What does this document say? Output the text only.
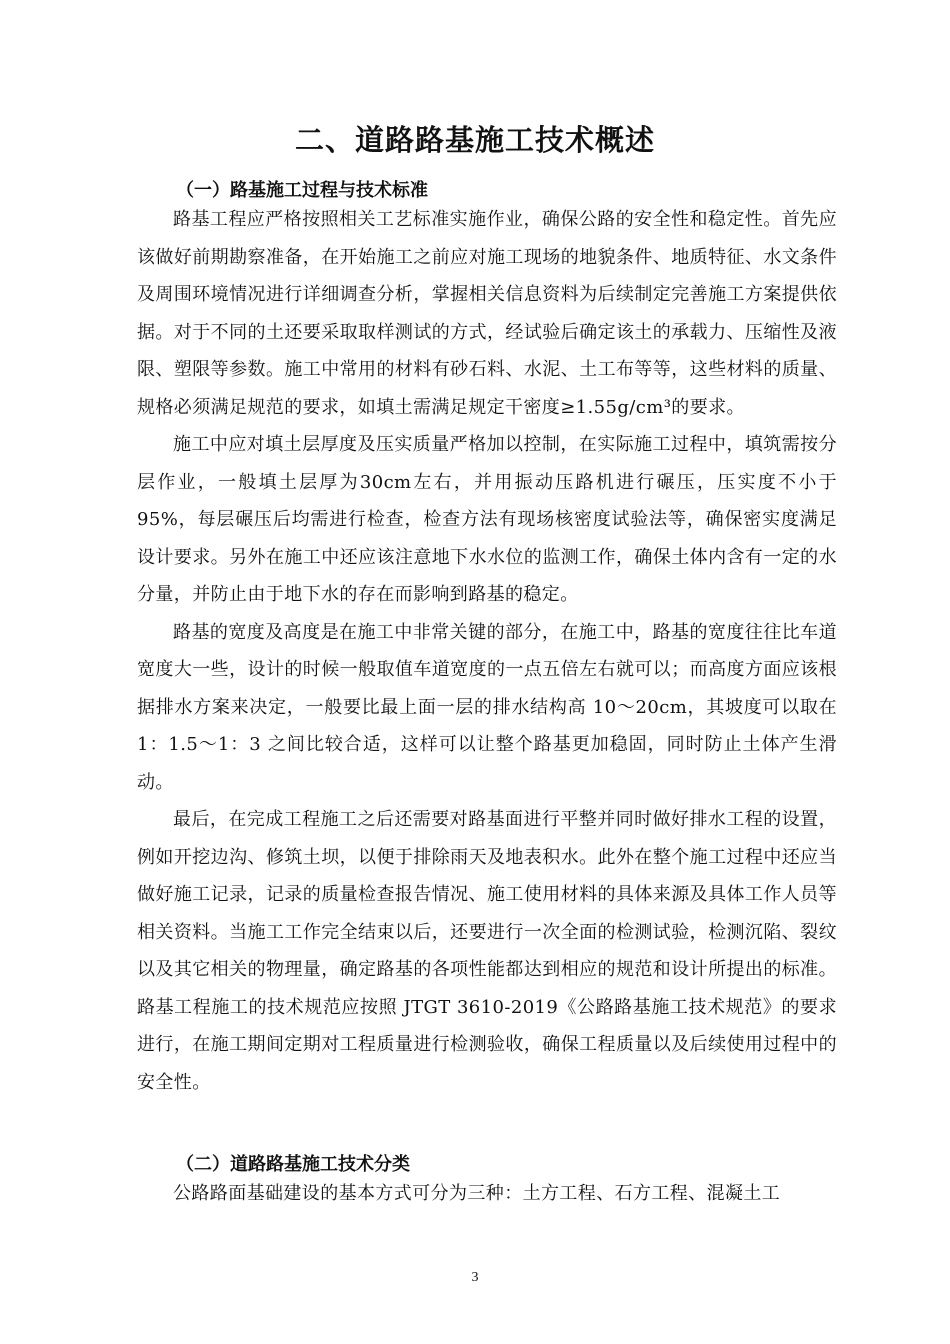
二、道路路基施工技术概述
（一）路基施工过程与技术标准

路基工程应严格按照相关工艺标准实施作业，确保公路的安全性和稳定性。首先应该做好前期勘察准备，在开始施工之前应对施工现场的地貌条件、地质特征、水文条件及周围环境情况进行详细调查分析，掌握相关信息资料为后续制定完善施工方案提供依据。对于不同的土还要采取取样测试的方式，经试验后确定该土的承载力、压缩性及液限、塑限等参数。施工中常用的材料有砂石料、水泥、土工布等等，这些材料的质量、规格必须满足规范的要求，如填土需满足规定干密度≥1.55g/cm³的要求。

施工中应对填土层厚度及压实质量严格加以控制，在实际施工过程中，填筑需按分层作业，一般填土层厚为30cm左右，并用振动压路机进行碾压，压实度不小于95%，每层碾压后均需进行检查，检查方法有现场核密度试验法等，确保密实度满足设计要求。另外在施工中还应该注意地下水水位的监测工作，确保土体内含有一定的水分量，并防止由于地下水的存在而影响到路基的稳定。

路基的宽度及高度是在施工中非常关键的部分，在施工中，路基的宽度往往比车道宽度大一些，设计的时候一般取值车道宽度的一点五倍左右就可以；而高度方面应该根据排水方案来决定，一般要比最上面一层的排水结构高 10～20cm，其坡度可以取在 1：1.5～1：3 之间比较合适，这样可以让整个路基更加稳固，同时防止土体产生滑动。

最后，在完成工程施工之后还需要对路基面进行平整并同时做好排水工程的设置，例如开挖边沟、修筑土坝，以便于排除雨天及地表积水。此外在整个施工过程中还应当做好施工记录，记录的质量检查报告情况、施工使用材料的具体来源及具体工作人员等相关资料。当施工工作完全结束以后，还要进行一次全面的检测试验，检测沉陷、裂纹以及其它相关的物理量，确定路基的各项性能都达到相应的规范和设计所提出的标准。路基工程施工的技术规范应按照 JTGT 3610-2019《公路路基施工技术规范》的要求进行，在施工期间定期对工程质量进行检测验收，确保工程质量以及后续使用过程中的安全性。

（二）道路路基施工技术分类

公路路面基础建设的基本方式可分为三种：土方工程、石方工程、混凝土工

3
